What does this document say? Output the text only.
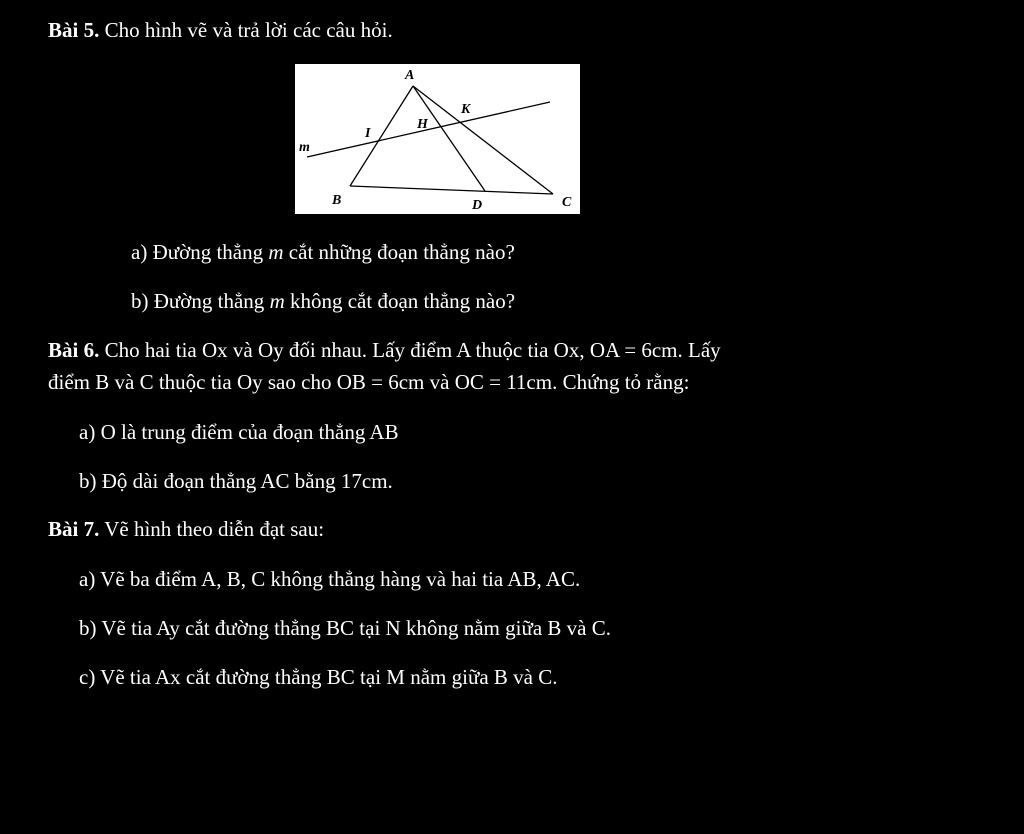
Bài 5. Cho hình vẽ và trả lời các câu hỏi.
A
K
H
I
m
B	D	C
a) Đường thẳng m cắt những đoạn thẳng nào?
b) Đường thẳng m không cắt đoạn thẳng nào?
Bài 6. Cho hai tia Ox và Oy đối nhau. Lấy điểm A thuộc tia Ox, OA = 6cm. Lấy
điểm B và C thuộc tia Oy sao cho OB = 6cm và OC = 11cm. Chứng tỏ rằng:
a) O là trung điểm của đoạn thẳng AB
b) Độ dài đoạn thẳng AC bằng 17cm.
Bài 7. Vẽ hình theo diễn đạt sau:
a) Vẽ ba điểm A, B, C không thẳng hàng và hai tia AB, AC.
b) Vẽ tia Ay cắt đường thẳng BC tại N không nằm giữa B và C.
c) Vẽ tia Ax cắt đường thẳng BC tại M nằm giữa B và C.
